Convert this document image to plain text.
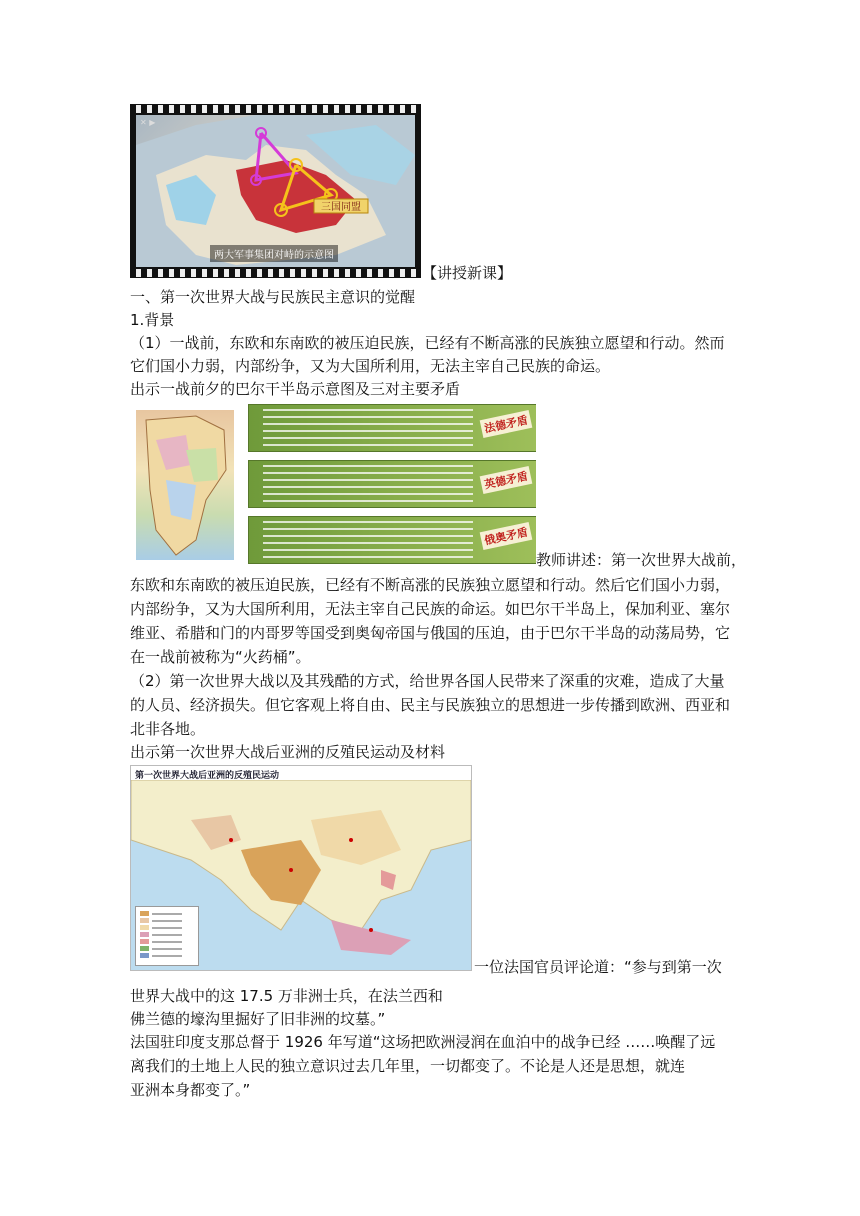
三国同盟
✕ ▶
两大军事集团对峙的示意图
【讲授新课】
一、第一次世界大战与民族民主意识的觉醒
1.背景
（1）一战前，东欧和东南欧的被压迫民族，已经有不断高涨的民族独立愿望和行动。然而
它们国小力弱，内部纷争，又为大国所利用，无法主宰自己民族的命运。
出示一战前夕的巴尔干半岛示意图及三对主要矛盾
法德矛盾
英德矛盾
俄奥矛盾
教师讲述：第一次世界大战前，
东欧和东南欧的被压迫民族，已经有不断高涨的民族独立愿望和行动。然后它们国小力弱，
内部纷争，又为大国所利用，无法主宰自己民族的命运。如巴尔干半岛上，保加利亚、塞尔
维亚、希腊和门的内哥罗等国受到奥匈帝国与俄国的压迫，由于巴尔干半岛的动荡局势，它
在一战前被称为“火药桶”。
（2）第一次世界大战以及其残酷的方式，给世界各国人民带来了深重的灾难，造成了大量
的人员、经济损失。但它客观上将自由、民主与民族独立的思想进一步传播到欧洲、西亚和
北非各地。
出示第一次世界大战后亚洲的反殖民运动及材料
第一次世界大战后亚洲的反殖民运动
一位法国官员评论道：“参与到第一次
世界大战中的这 17.5 万非洲士兵，在法兰西和
佛兰德的壕沟里掘好了旧非洲的坟墓。”
法国驻印度支那总督于 1926 年写道“这场把欧洲浸润在血泊中的战争已经 ……唤醒了远
离我们的土地上人民的独立意识过去几年里，一切都变了。不论是人还是思想，就连
亚洲本身都变了。”
